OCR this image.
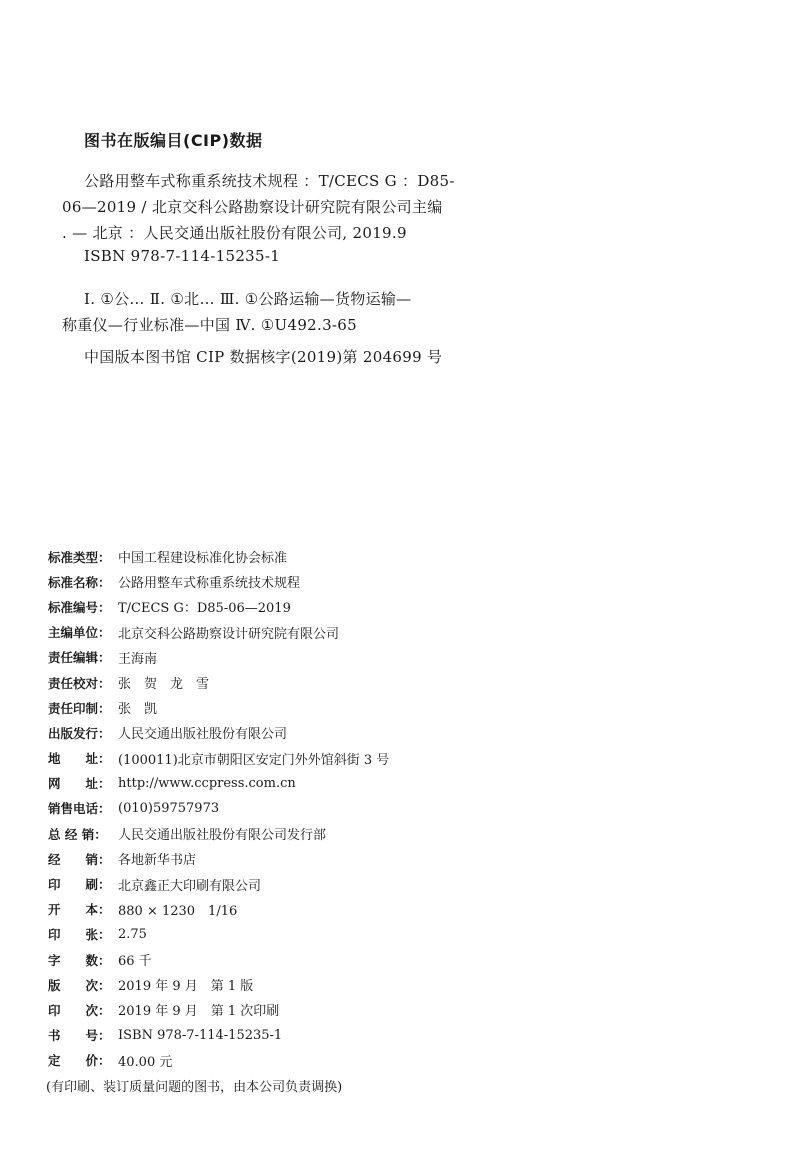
图书在版编目(CIP)数据
公路用整车式称重系统技术规程 ：T/CECS G ：D85-
06—2019 / 北京交科公路勘察设计研究院有限公司主编
. — 北京 ：人民交通出版社股份有限公司, 2019.9
ISBN 978-7-114-15235-1
Ⅰ. ①公… Ⅱ. ①北… Ⅲ. ①公路运输—货物运输—
称重仪—行业标准—中国 Ⅳ. ①U492.3-65
中国版本图书馆 CIP 数据核字(2019)第 204699 号
标准类型： 中国工程建设标准化协会标准
标准名称： 公路用整车式称重系统技术规程
标准编号： T/CECS G：D85-06—2019
主编单位： 北京交科公路勘察设计研究院有限公司
责任编辑： 王海南
责任校对： 张　贺　龙　雪
责任印制： 张　凯
出版发行： 人民交通出版社股份有限公司
地　　址： (100011)北京市朝阳区安定门外外馆斜街 3 号
网　　址： http://www.ccpress.com.cn
销售电话： (010)59757973
总 经 销： 人民交通出版社股份有限公司发行部
经　　销： 各地新华书店
印　　刷： 北京鑫正大印刷有限公司
开　　本： 880 × 1230　1/16
印　　张： 2.75
字　　数： 66 千
版　　次： 2019 年 9 月　第 1 版
印　　次： 2019 年 9 月　第 1 次印刷
书　　号： ISBN 978-7-114-15235-1
定　　价： 40.00 元
(有印刷、装订质量问题的图书，由本公司负责调换)
